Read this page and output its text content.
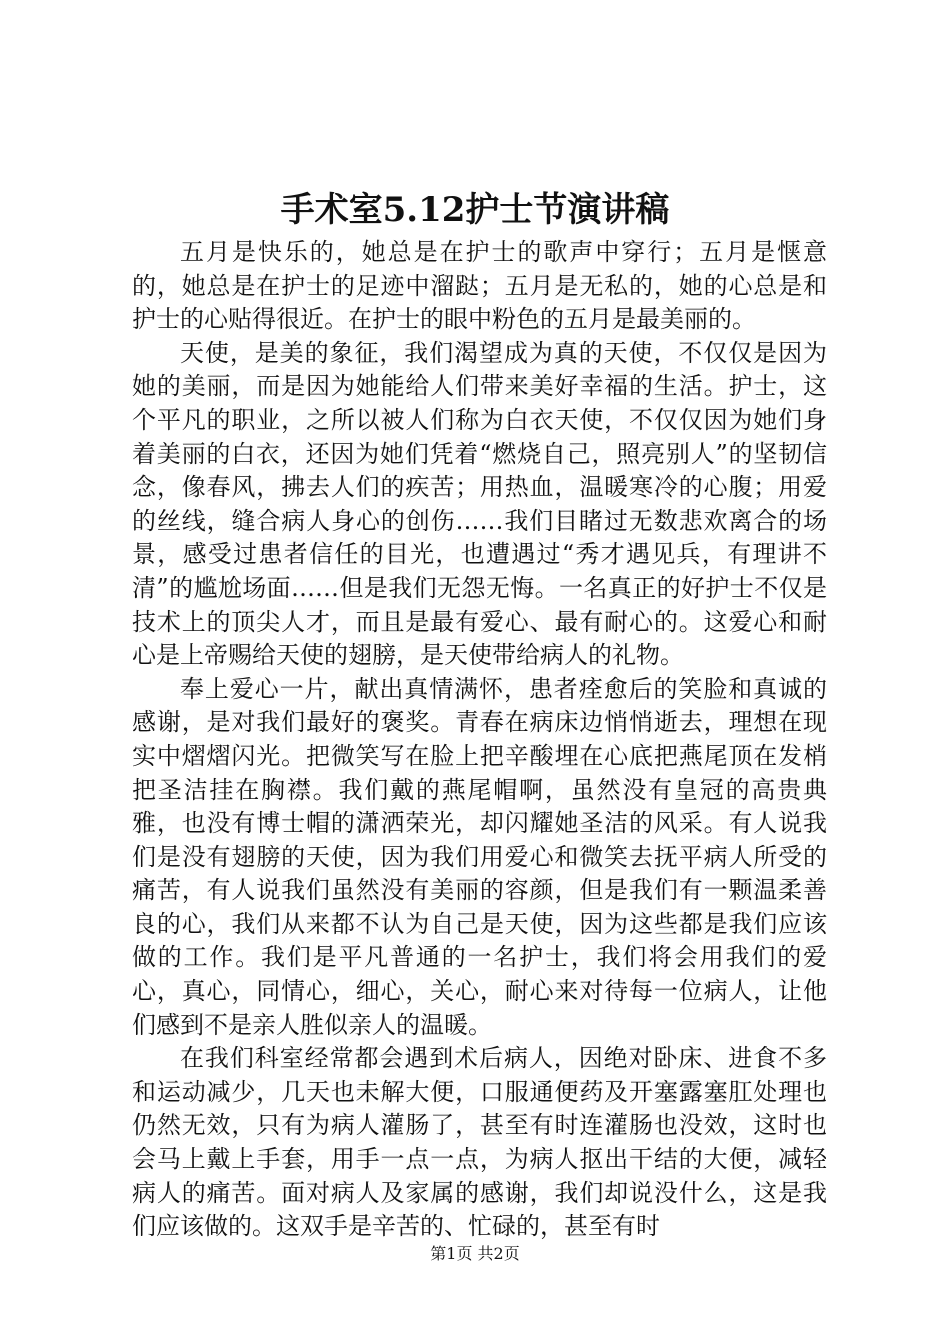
手术室5.12护士节演讲稿

五月是快乐的，她总是在护士的歌声中穿行；五月是惬意的，她总是在护士的足迹中溜跶；五月是无私的，她的心总是和护士的心贴得很近。在护士的眼中粉色的五月是最美丽的。

天使，是美的象征，我们渴望成为真的天使，不仅仅是因为她的美丽，而是因为她能给人们带来美好幸福的生活。护士，这个平凡的职业，之所以被人们称为白衣天使，不仅仅因为她们身着美丽的白衣，还因为她们凭着“燃烧自己，照亮别人”的坚韧信念，像春风，拂去人们的疾苦；用热血，温暖寒冷的心腹；用爱的丝线，缝合病人身心的创伤……我们目睹过无数悲欢离合的场景，感受过患者信任的目光，也遭遇过“秀才遇见兵，有理讲不清”的尴尬场面……但是我们无怨无悔。一名真正的好护士不仅是技术上的顶尖人才，而且是最有爱心、最有耐心的。这爱心和耐心是上帝赐给天使的翅膀，是天使带给病人的礼物。

奉上爱心一片，献出真情满怀，患者痊愈后的笑脸和真诚的感谢，是对我们最好的褒奖。青春在病床边悄悄逝去，理想在现实中熠熠闪光。把微笑写在脸上把辛酸埋在心底把燕尾顶在发梢把圣洁挂在胸襟。我们戴的燕尾帽啊，虽然没有皇冠的高贵典雅，也没有博士帽的潇洒荣光，却闪耀她圣洁的风采。有人说我们是没有翅膀的天使，因为我们用爱心和微笑去抚平病人所受的痛苦，有人说我们虽然没有美丽的容颜，但是我们有一颗温柔善良的心，我们从来都不认为自己是天使，因为这些都是我们应该做的工作。我们是平凡普通的一名护士，我们将会用我们的爱心，真心，同情心，细心，关心，耐心来对待每一位病人，让他们感到不是亲人胜似亲人的温暖。

在我们科室经常都会遇到术后病人，因绝对卧床、进食不多和运动减少，几天也未解大便，口服通便药及开塞露塞肛处理也仍然无效，只有为病人灌肠了，甚至有时连灌肠也没效，这时也会马上戴上手套，用手一点一点，为病人抠出干结的大便，减轻病人的痛苦。面对病人及家属的感谢，我们却说没什么，这是我们应该做的。这双手是辛苦的、忙碌的，甚至有时

第1页 共2页
